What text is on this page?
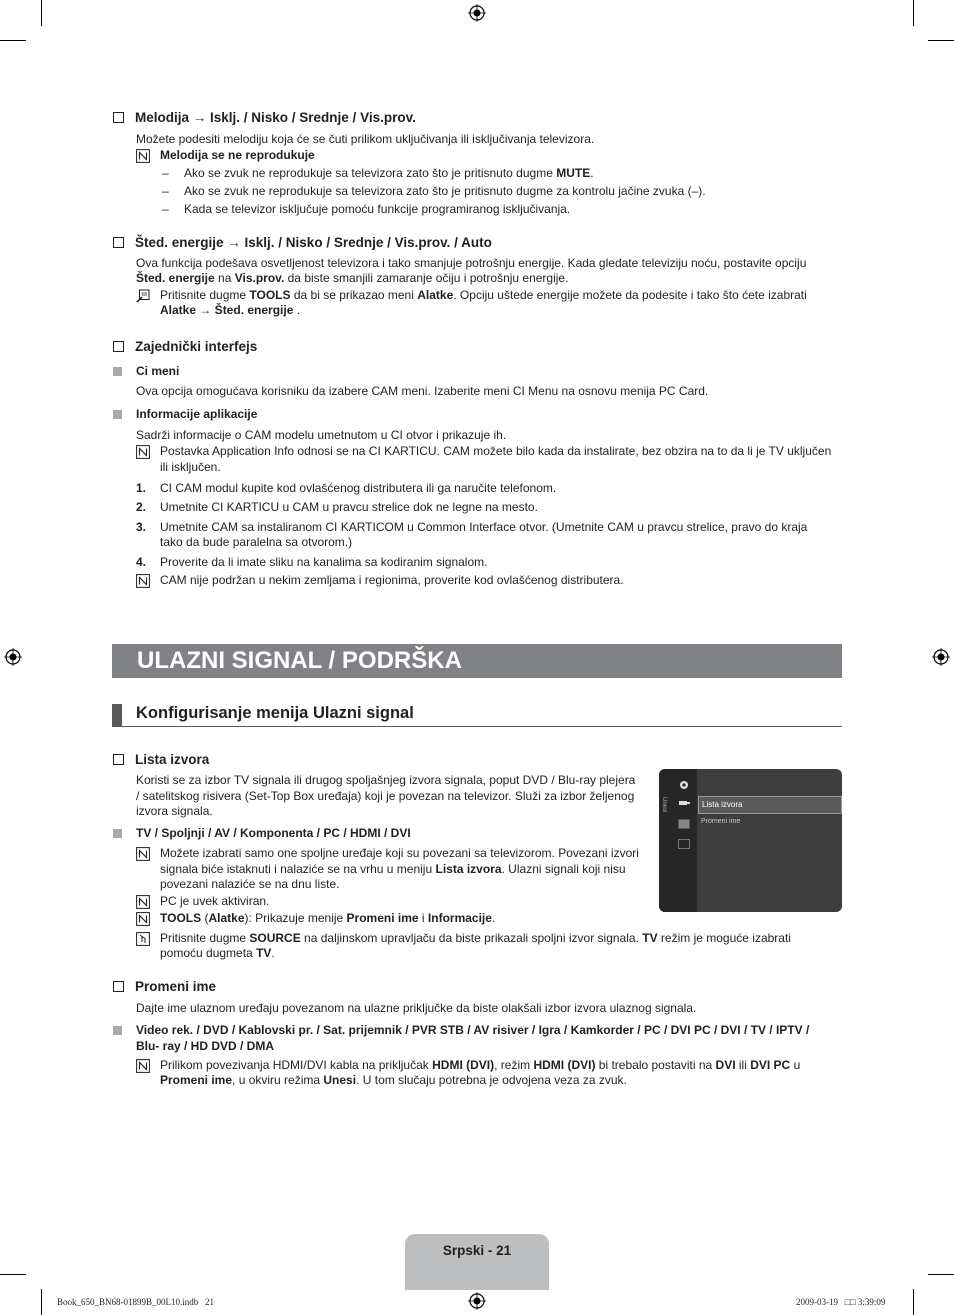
Melodija → Isklj. / Nisko / Srednje / Vis.prov.
Možete podesiti melodiju koja će se čuti prilikom uključivanja ili isključivanja televizora.
Melodija se ne reprodukuje
–	Ako se zvuk ne reprodukuje sa televizora zato što je pritisnuto dugme MUTE.
–	Ako se zvuk ne reprodukuje sa televizora zato što je pritisnuto dugme za kontrolu jačine zvuka (–).
–	Kada se televizor isključuje pomoću funkcije programiranog isključivanja.
Šted. energije → Isklj. / Nisko / Srednje / Vis.prov. / Auto
Ova funkcija podešava osvetljenost televizora i tako smanjuje potrošnju energije. Kada gledate televiziju noću, postavite opciju
Šted. energije na Vis.prov. da biste smanjili zamaranje očiju i potrošnju energije.
Pritisnite dugme TOOLS da bi se prikazao meni Alatke. Opciju uštede energije možete da podesite i tako što ćete izabrati
Alatke → Šted. energije .
Zajednički interfejs
Ci meni
Ova opcija omogućava korisniku da izabere CAM meni. Izaberite meni CI Menu na osnovu menija PC Card.
Informacije aplikacije
Sadrži informacije o CAM modelu umetnutom u CI otvor i prikazuje ih.
Postavka Application Info odnosi se na CI KARTICU. CAM možete bilo kada da instalirate, bez obzira na to da li je TV uključen
ili isključen.
1.	CI CAM modul kupite kod ovlašćenog distributera ili ga naručite telefonom.
2.	Umetnite CI KARTICU u CAM u pravcu strelice dok ne legne na mesto.
3.	Umetnite CAM sa instaliranom CI KARTICOM u Common Interface otvor. (Umetnite CAM u pravcu strelice, pravo do kraja
tako da bude paralelna sa otvorom.)
4.	Proverite da li imate sliku na kanalima sa kodiranim signalom.
CAM nije podržan u nekim zemljama i regionima, proverite kod ovlašćenog distributera.
ULAZNI SIGNAL / PODRŠKA
Konfigurisanje menija Ulazni signal
Lista izvora
Koristi se za izbor TV signala ili drugog spoljašnjeg izvora signala, poput DVD / Blu-ray plejera
/ satelitskog risivera (Set-Top Box uređaja) koji je povezan na televizor. Služi za izbor željenog
izvora signala.
TV / Spoljnji / AV / Komponenta / PC / HDMI / DVI
Možete izabrati samo one spoljne uređaje koji su povezani sa televizorom. Povezani izvori
signala biće istaknuti i nalaziće se na vrhu u meniju Lista izvora. Ulazni signali koji nisu
povezani nalaziće se na dnu liste.
PC je uvek aktiviran.
TOOLS (Alatke): Prikazuje menije Promeni ime i Informacije.
Pritisnite dugme SOURCE na daljinskom upravljaču da biste prikazali spoljni izvor signala. TV režim je moguće izabrati
pomoću dugmeta TV.
Unesi	Lista izvora
Promeni ime
Promeni ime
Dajte ime ulaznom uređaju povezanom na ulazne priključke da biste olakšali izbor izvora ulaznog signala.
Video rek. / DVD / Kablovski pr. / Sat. prijemnik / PVR STB / AV risiver / Igra / Kamkorder / PC / DVI PC / DVI / TV / IPTV /
Blu- ray / HD DVD / DMA
Prilikom povezivanja HDMI/DVI kabla na priključak HDMI (DVI), režim HDMI (DVI) bi trebalo postaviti na DVI ili DVI PC u
Promeni ime, u okviru režima Unesi. U tom slučaju potrebna je odvojena veza za zvuk.
Srpski - 21
Book_650_BN68-01899B_00L10.indb   21	2009-03-19   □□ 3:39:09
